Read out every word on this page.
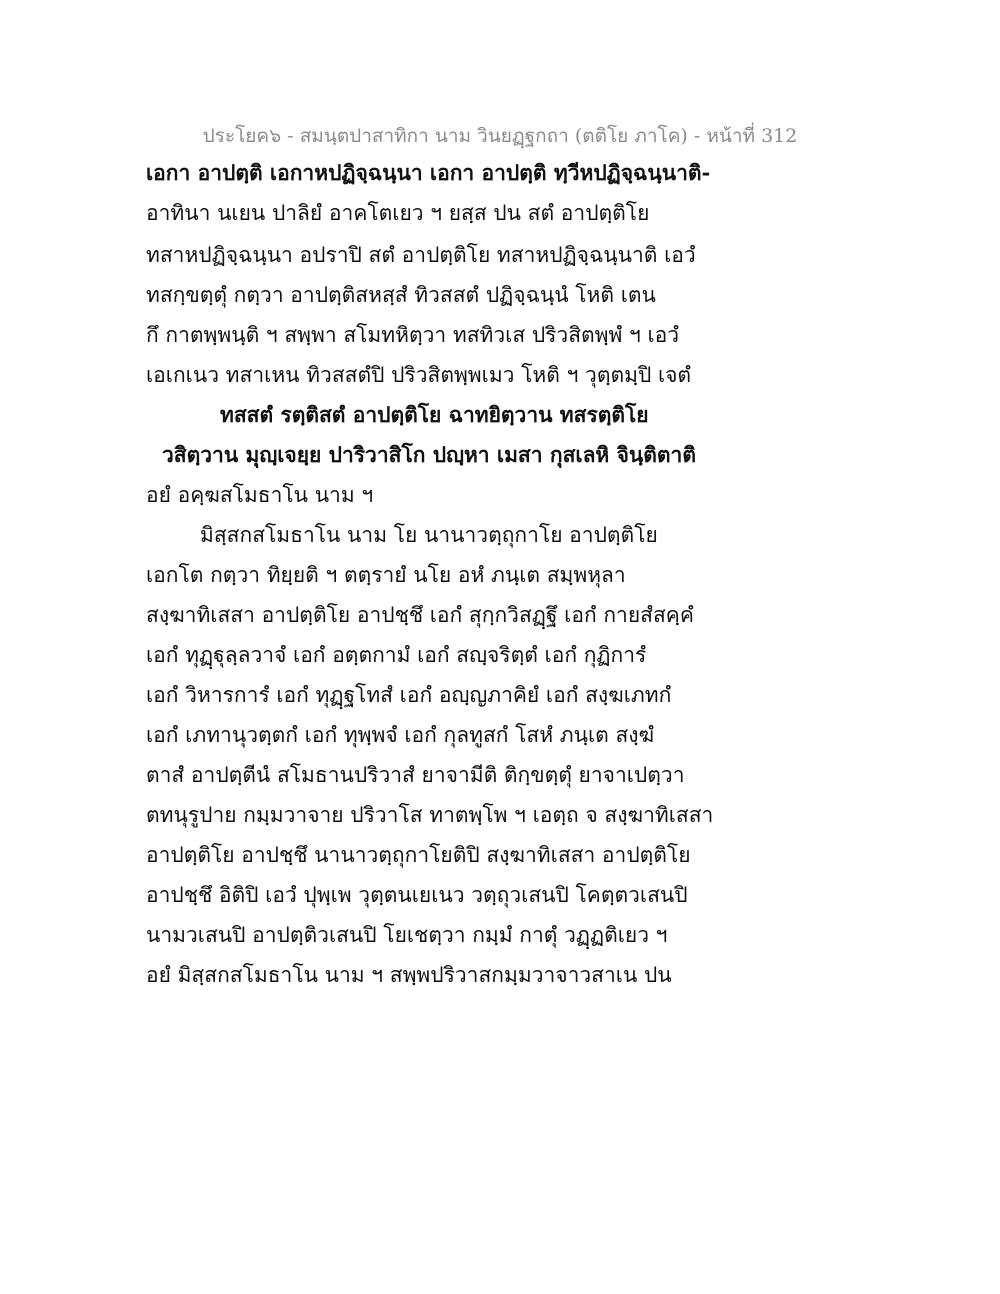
ประโยค๖ - สมนฺตปาสาทิกา นาม วินยฏฺฐกถา (ตติโย ภาโค) - หน้าที่ 312
เอกา อาปตฺติ เอกาหปฏิจฺฉนฺนา เอกา อาปตฺติ ทฺวีหปฏิจฺฉนฺนาติ-
อาทินา นเยน ปาลิยํ อาคโตเยว ฯ ยสฺส ปน สตํ อาปตฺติโย
ทสาหปฏิจฺฉนฺนา อปราปิ สตํ อาปตฺติโย ทสาหปฏิจฺฉนฺนาติ เอวํ
ทสกฺขตฺตุํ กตฺวา อาปตฺติสหสฺสํ ทิวสสตํ ปฏิจฺฉนฺนํ โหติ เตน
กึ กาตพฺพนฺติ ฯ สพฺพา สโมทหิตฺวา ทสทิวเส ปริวสิตพฺพํ ฯ เอวํ
เอเกเนว ทสาเหน ทิวสสตํปิ ปริวสิตพฺพเมว โหติ ฯ วุตฺตมฺปิ เจตํ
ทสสตํ รตฺติสตํ อาปตฺติโย ฉาทยิตฺวาน ทสรตฺติโย
วสิตฺวาน มุญฺเจยฺย ปาริวาสิโก ปญฺหา เมสา กุสเลหิ จินฺติตาติ
อยํ อคฺฆสโมธาโน นาม ฯ
มิสฺสกสโมธาโน นาม โย นานาวตฺถุกาโย อาปตฺติโย
เอกโต กตฺวา ทิยฺยติ ฯ ตตฺรายํ นโย อหํ ภนฺเต สมฺพหุลา
สงฺฆาทิเสสา อาปตฺติโย อาปชฺชึ เอกํ สุกฺกวิสฏฺฐึ เอกํ กายสํสคฺคํ
เอกํ ทุฏฺฐุลฺลวาจํ เอกํ อตฺตกามํ เอกํ สญฺจริตฺตํ เอกํ กุฏิการํ
เอกํ วิหารการํ เอกํ ทุฏฺฐโทสํ เอกํ อญฺญภาคิยํ เอกํ สงฺฆเภทกํ
เอกํ เภทานุวตฺตกํ เอกํ ทุพฺพจํ เอกํ กุลทูสกํ โสหํ ภนฺเต สงฺฆํ
ตาสํ อาปตฺตีนํ สโมธานปริวาสํ ยาจามีติ ติกฺขตฺตุํ ยาจาเปตฺวา
ตทนุรูปาย กมฺมวาจาย ปริวาโส ทาตพฺโพ ฯ เอตฺถ จ สงฺฆาทิเสสา
อาปตฺติโย อาปชฺชึ นานาวตฺถุกาโยติปิ สงฺฆาทิเสสา อาปตฺติโย
อาปชฺชึ อิติปิ เอวํ ปุพฺเพ วุตฺตนเยเนว วตฺถุวเสนปิ โคตฺตวเสนปิ
นามวเสนปิ อาปตฺติวเสนปิ โยเชตฺวา กมฺมํ กาตุํ วฏฺฏติเยว ฯ
อยํ มิสฺสกสโมธาโน นาม ฯ สพฺพปริวาสกมฺมวาจาวสาเน ปน
